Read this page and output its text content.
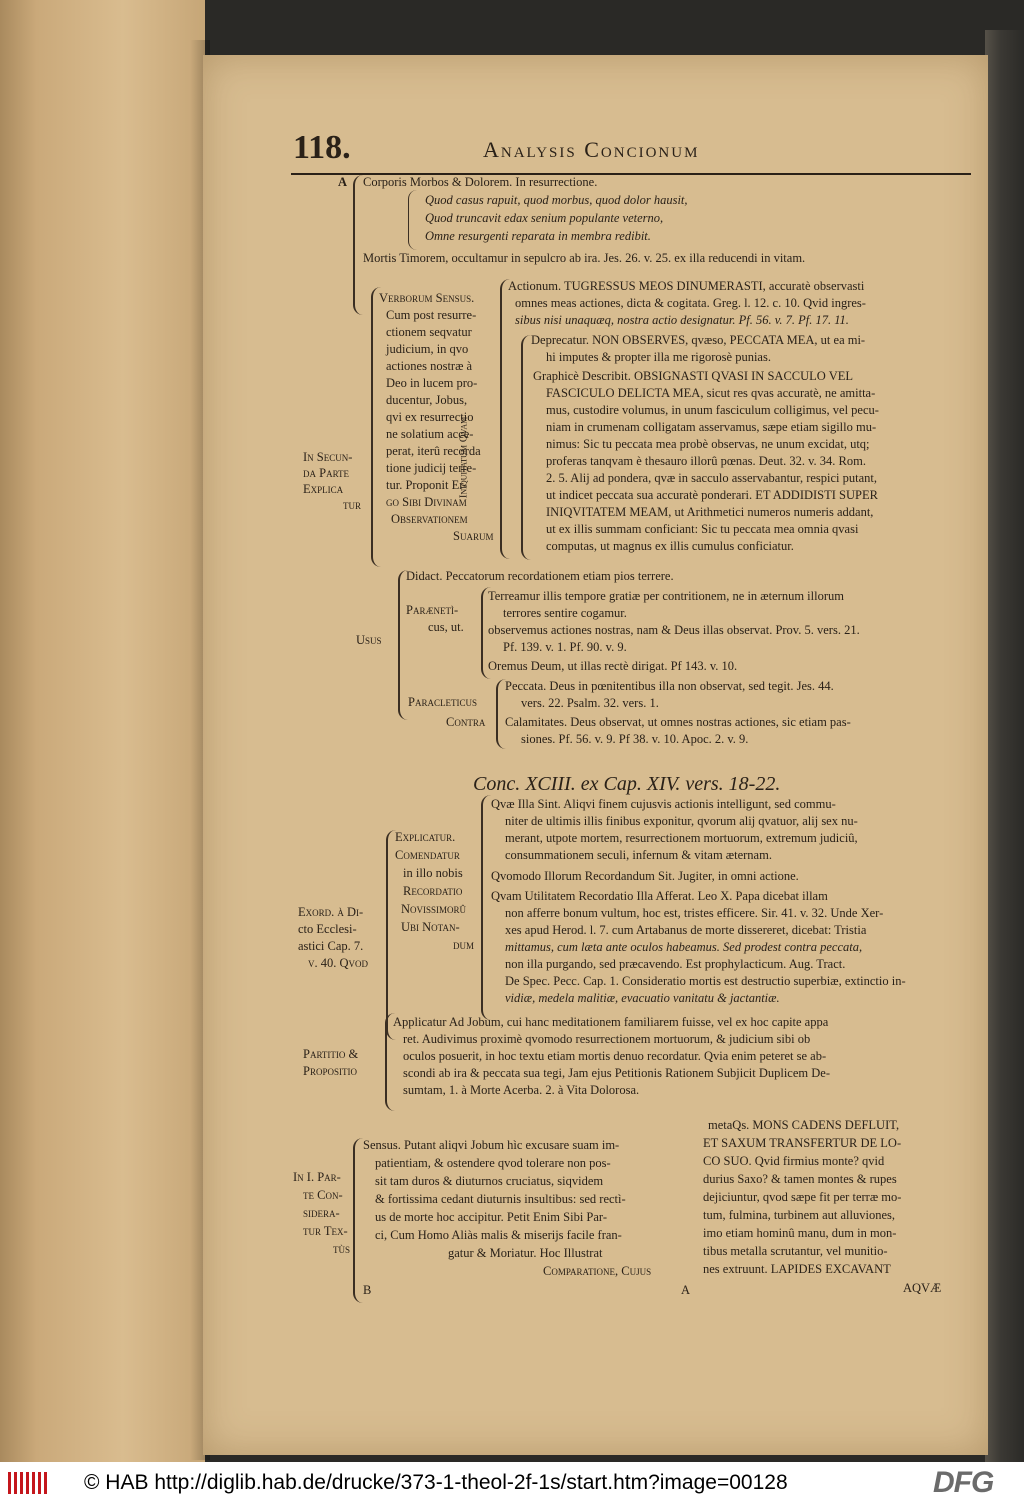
118.	Analysis Concionum
A Corporis Morbos & Dolorem. In resurrectione.
Quod casus rapuit, quod morbus, quod dolor hausit,
Quod truncavit edax senium populante veterno,
Omne resurgenti reparata in membra redibit.
Mortis Timorem, occultamur in sepulcro ab ira. Jes. 26. v. 25. ex illa reducendi in vitam.
In Secun-
da Parte
Explica
tur
Verborum Sensus.
Cum post resurre-
ctionem seqvatur
judicium, in qvo
actiones nostræ à
Deo in lucem pro-
ducentur, Jobus,
qvi ex resurrectio
ne solatium acce-
perat, iterû recorda
tione judicij terre-
tur. Proponit Er-
go Sibi Divinam
Observationem
Suarum
Iniquitatum Qvam
Actionum. TUGRESSUS MEOS DINUMERASTI, accuratè observasti
omnes meas actiones, dicta & cogitata. Greg. l. 12. c. 10. Qvid ingres-
sibus nisi unaquæq, nostra actio designatur. Pf. 56. v. 7. Pf. 17. 11.
Deprecatur. NON OBSERVES, qvæso, PECCATA MEA, ut ea mi-
hi imputes & propter illa me rigorosè punias.
Graphicè Describit. OBSIGNASTI QVASI IN SACCULO VEL
FASCICULO DELICTA MEA, sicut res qvas accuratè, ne amitta-
mus, custodire volumus, in unum fasciculum colligimus, vel pecu-
niam in crumenam colligatam asservamus, sæpe etiam sigillo mu-
nimus: Sic tu peccata mea probè observas, ne unum excidat, utq;
proferas tanqvam è thesauro illorû pœnas. Deut. 32. v. 34. Rom.
2. 5. Alij ad pondera, qvæ in sacculo asservabantur, respici putant,
ut indicet peccata sua accuratè ponderari. ET ADDIDISTI SUPER
INIQVITATEM MEAM, ut Arithmetici numeros numeris addant,
ut ex illis summam conficiant: Sic tu peccata mea omnia qvasi
computas, ut magnus ex illis cumulus conficiatur.
Usus
Didact. Peccatorum recordationem etiam pios terrere.
Parænetì-
cus, ut.
Terreamur illis tempore gratiæ per contritionem, ne in æternum illorum
terrores sentire cogamur.
observemus actiones nostras, nam & Deus illas observat. Prov. 5. vers. 21.
Pf. 139. v. 1. Pf. 90. v. 9.
Oremus Deum, ut illas rectè dirigat. Pf 143. v. 10.
Paracleticus
Contra
Peccata. Deus in pœnitentibus illa non observat, sed tegit. Jes. 44.
vers. 22. Psalm. 32. vers. 1.
Calamitates. Deus observat, ut omnes nostras actiones, sic etiam pas-
siones. Pf. 56. v. 9. Pf 38. v. 10. Apoc. 2. v. 9.
Conc. XCIII. ex Cap. XIV. vers. 18-22.
Exord. à Di-
cto Ecclesi-
astici Cap. 7.
v. 40. Qvod
Explicatur.
Comendatur
in illo nobis
Recordatio
Novissimorû
Ubi Notan-
dum
Qvæ Illa Sint. Aliqvi finem cujusvis actionis intelligunt, sed commu-
niter de ultimis illis finibus exponitur, qvorum alij qvatuor, alij sex nu-
merant, utpote mortem, resurrectionem mortuorum, extremum judiciû,
consummationem seculi, infernum & vitam æternam.
Qvomodo Illorum Recordandum Sit. Jugiter, in omni actione.
Qvam Utilitatem Recordatio Illa Afferat. Leo X. Papa dicebat illam
non afferre bonum vultum, hoc est, tristes efficere. Sir. 41. v. 32. Unde Xer-
xes apud Herod. l. 7. cum Artabanus de morte dissereret, dicebat: Tristia
mittamus, cum læta ante oculos habeamus. Sed prodest contra peccata,
non illa purgando, sed præcavendo. Est prophylacticum. Aug. Tract.
De Spec. Pecc. Cap. 1. Consideratio mortis est destructio superbiæ, extinctio in-
vidiæ, medela malitiæ, evacuatio vanitatu & jactantiæ.
Partitio &
Propositio
Applicatur Ad Jobum, cui hanc meditationem familiarem fuisse, vel ex hoc capite appa
ret. Audivimus proximè qvomodo resurrectionem mortuorum, & judicium sibi ob
oculos posuerit, in hoc textu etiam mortis denuo recordatur. Qvia enim peteret se ab-
scondi ab ira & peccata sua tegi, Jam ejus Petitionis Rationem Subjicit Duplicem De-
sumtam, 1. à Morte Acerba. 2. à Vita Dolorosa.
In I. Par-
te Con-
sidera-
tur Tex-
tùs
Sensus. Putant aliqvi Jobum hìc excusare suam im-
patientiam, & ostendere qvod tolerare non pos-
sit tam duros & diuturnos cruciatus, siqvidem
& fortissima cedant diuturnis insultibus: sed rectì-
us de morte hoc accipitur. Petit Enim Sibi Par-
ci, Cum Homo Aliàs malis & miserijs facile fran-
gatur & Moriatur. Hoc Illustrat
Comparatione, Cujus
metaQs. MONS CADENS DEFLUIT,
ET SAXUM TRANSFERTUR DE LO-
CO SUO. Qvid firmius monte? qvid
durius Saxo? & tamen montes & rupes
dejiciuntur, qvod sæpe fit per terræ mo-
tum, fulmina, turbinem aut alluviones,
imo etiam hominû manu, dum in mon-
tibus metalla scrutantur, vel munitio-
nes extruunt. LAPIDES EXCAVANT
B	A	AQVÆ
© HAB http://diglib.hab.de/drucke/373-1-theol-2f-1s/start.htm?image=00128	DFG
